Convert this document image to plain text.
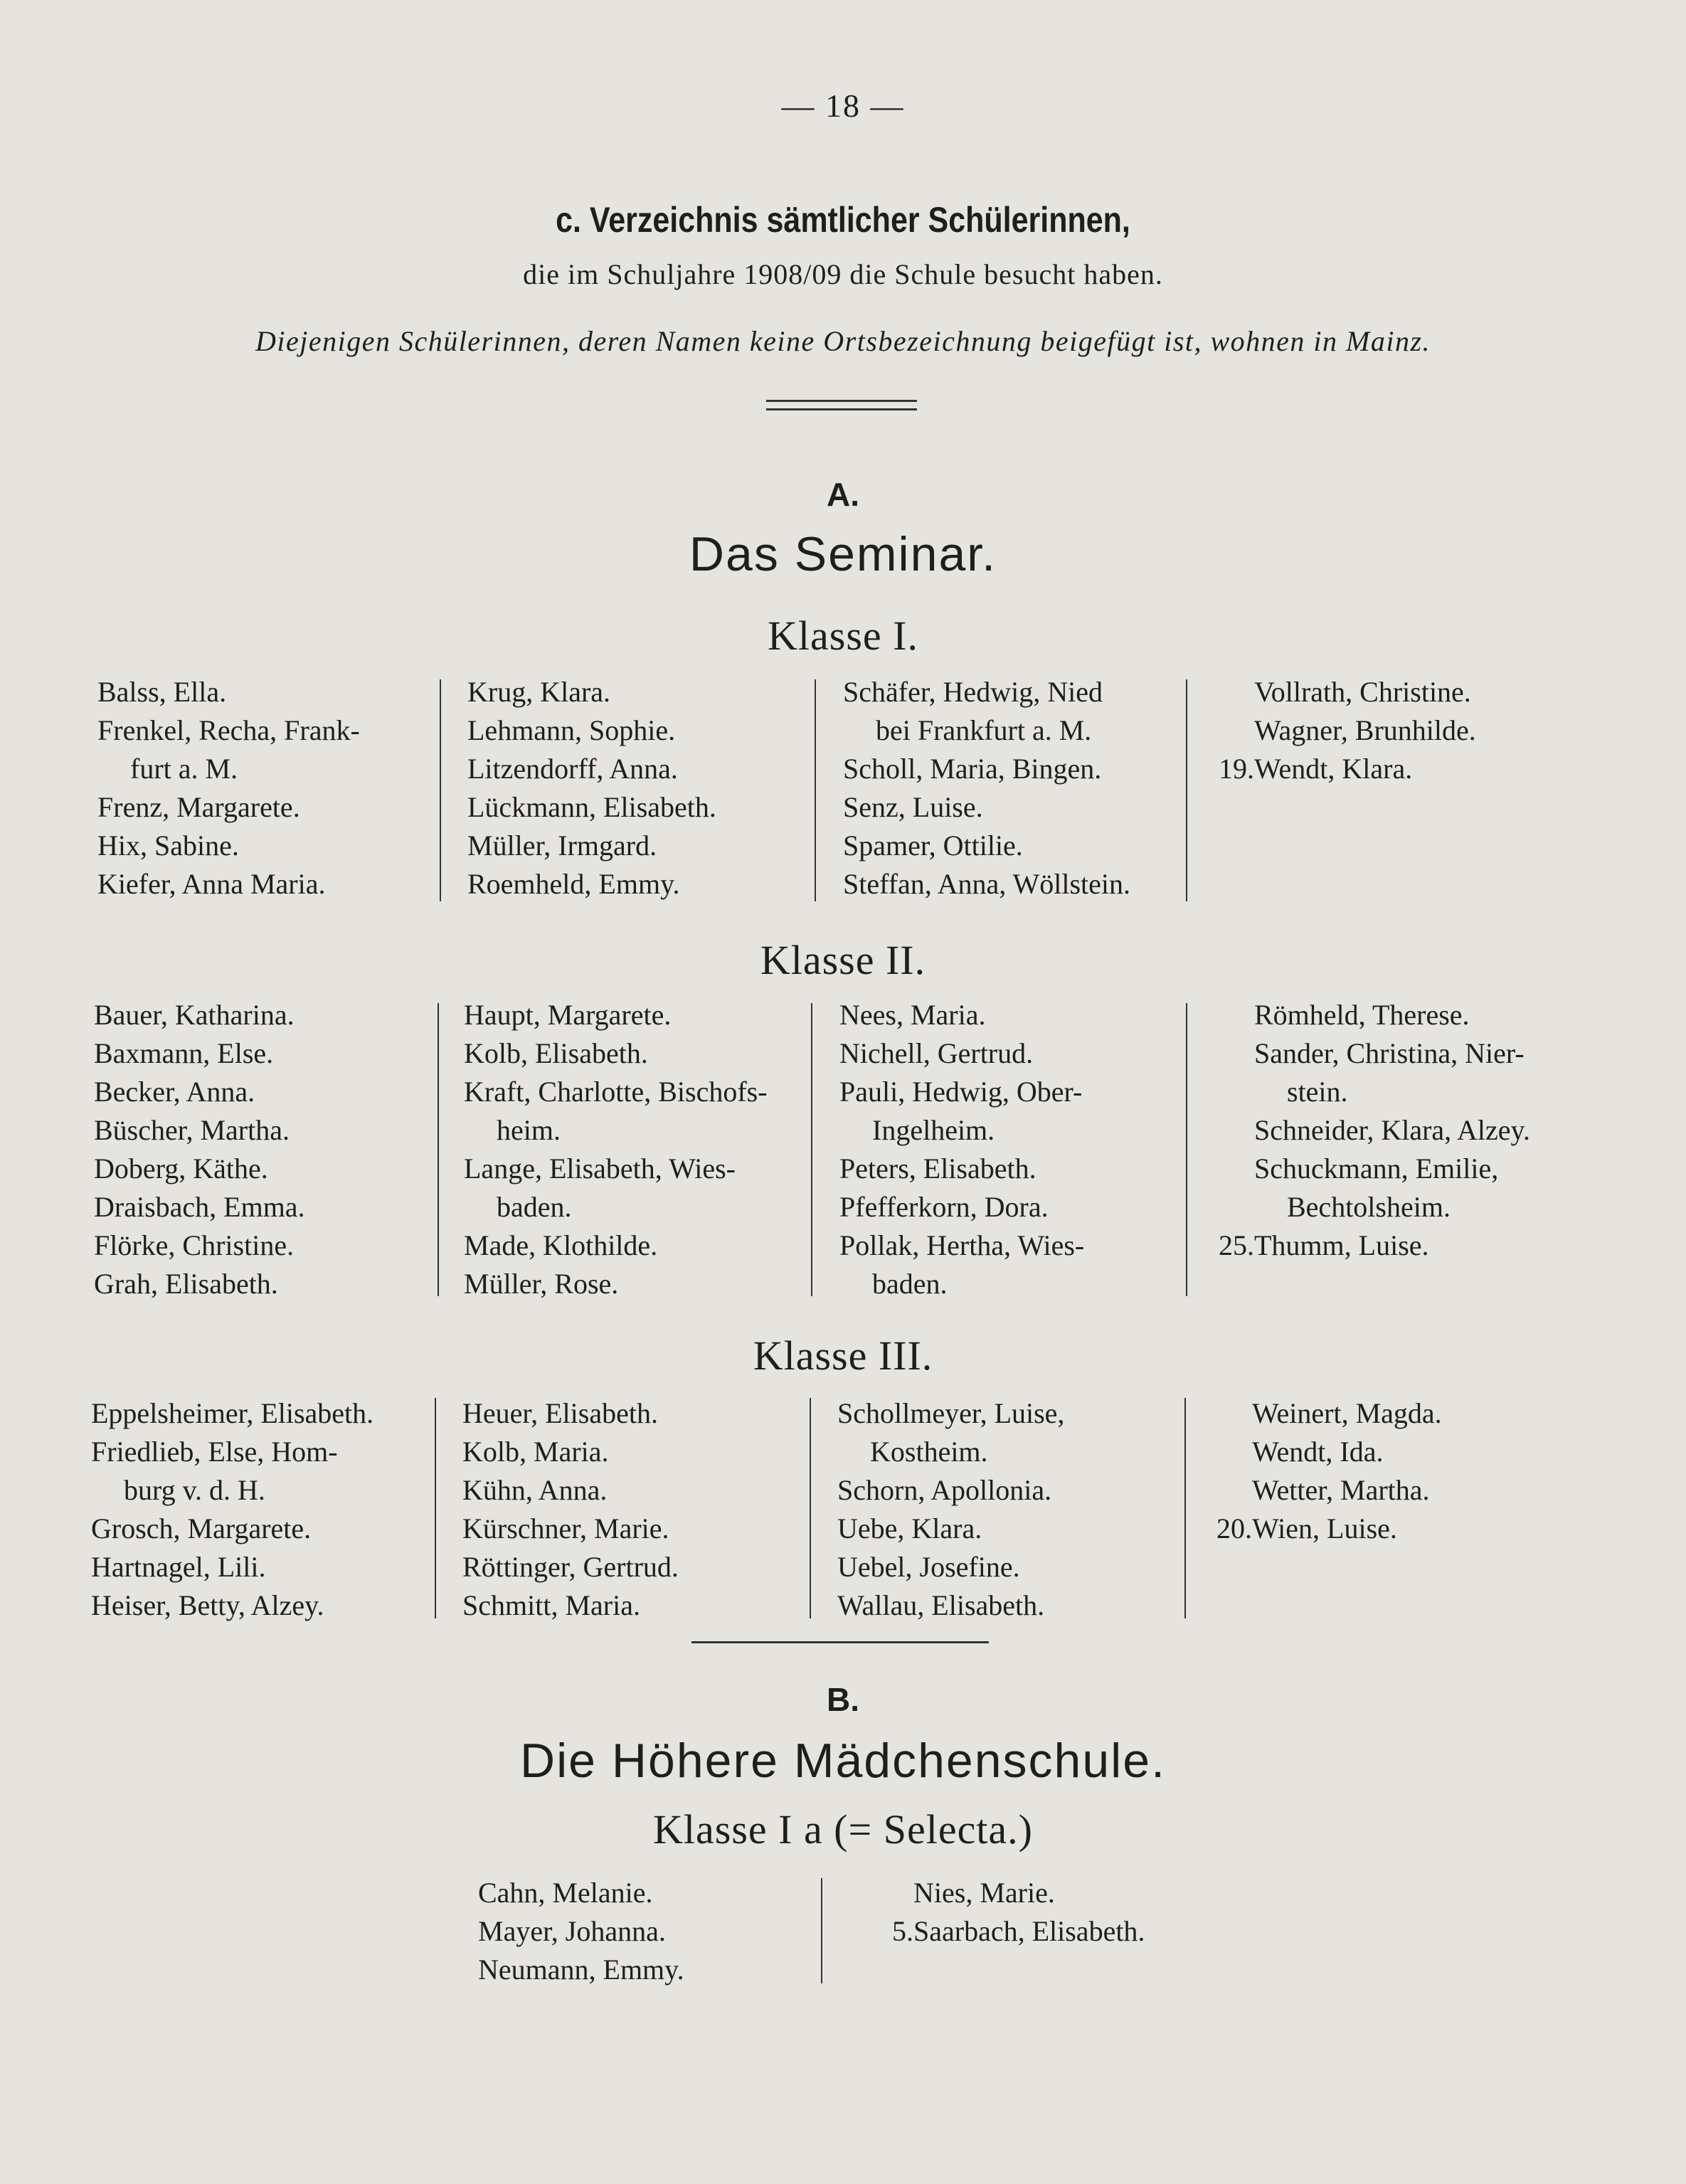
— 18 —
c. Verzeichnis sämtlicher Schülerinnen,
die im Schuljahre 1908/09 die Schule besucht haben.
Diejenigen Schülerinnen, deren Namen keine Ortsbezeichnung beigefügt ist, wohnen in Mainz.
A.
Das Seminar.
Klasse I.
Balss, Ella.
Frenkel, Recha, Frank-
furt a. M.
Frenz, Margarete.
Hix, Sabine.
Kiefer, Anna Maria.
Krug, Klara.
Lehmann, Sophie.
Litzendorff, Anna.
Lückmann, Elisabeth.
Müller, Irmgard.
Roemheld, Emmy.
Schäfer, Hedwig, Nied
bei Frankfurt a. M.
Scholl, Maria, Bingen.
Senz, Luise.
Spamer, Ottilie.
Steffan, Anna, Wöllstein.
Vollrath, Christine.
Wagner, Brunhilde.
19.Wendt, Klara.
Klasse II.
Bauer, Katharina.
Baxmann, Else.
Becker, Anna.
Büscher, Martha.
Doberg, Käthe.
Draisbach, Emma.
Flörke, Christine.
Grah, Elisabeth.
Haupt, Margarete.
Kolb, Elisabeth.
Kraft, Charlotte, Bischofs-
heim.
Lange, Elisabeth, Wies-
baden.
Made, Klothilde.
Müller, Rose.
Nees, Maria.
Nichell, Gertrud.
Pauli, Hedwig, Ober-
Ingelheim.
Peters, Elisabeth.
Pfefferkorn, Dora.
Pollak, Hertha, Wies-
baden.
Römheld, Therese.
Sander, Christina, Nier-
stein.
Schneider, Klara, Alzey.
Schuckmann, Emilie,
Bechtolsheim.
25.Thumm, Luise.
Klasse III.
Eppelsheimer, Elisabeth.
Friedlieb, Else, Hom-
burg v. d. H.
Grosch, Margarete.
Hartnagel, Lili.
Heiser, Betty, Alzey.
Heuer, Elisabeth.
Kolb, Maria.
Kühn, Anna.
Kürschner, Marie.
Röttinger, Gertrud.
Schmitt, Maria.
Schollmeyer, Luise,
Kostheim.
Schorn, Apollonia.
Uebe, Klara.
Uebel, Josefine.
Wallau, Elisabeth.
Weinert, Magda.
Wendt, Ida.
Wetter, Martha.
20.Wien, Luise.
B.
Die Höhere Mädchenschule.
Klasse I a (= Selecta.)
Cahn, Melanie.
Mayer, Johanna.
Neumann, Emmy.
Nies, Marie.
5.Saarbach, Elisabeth.
